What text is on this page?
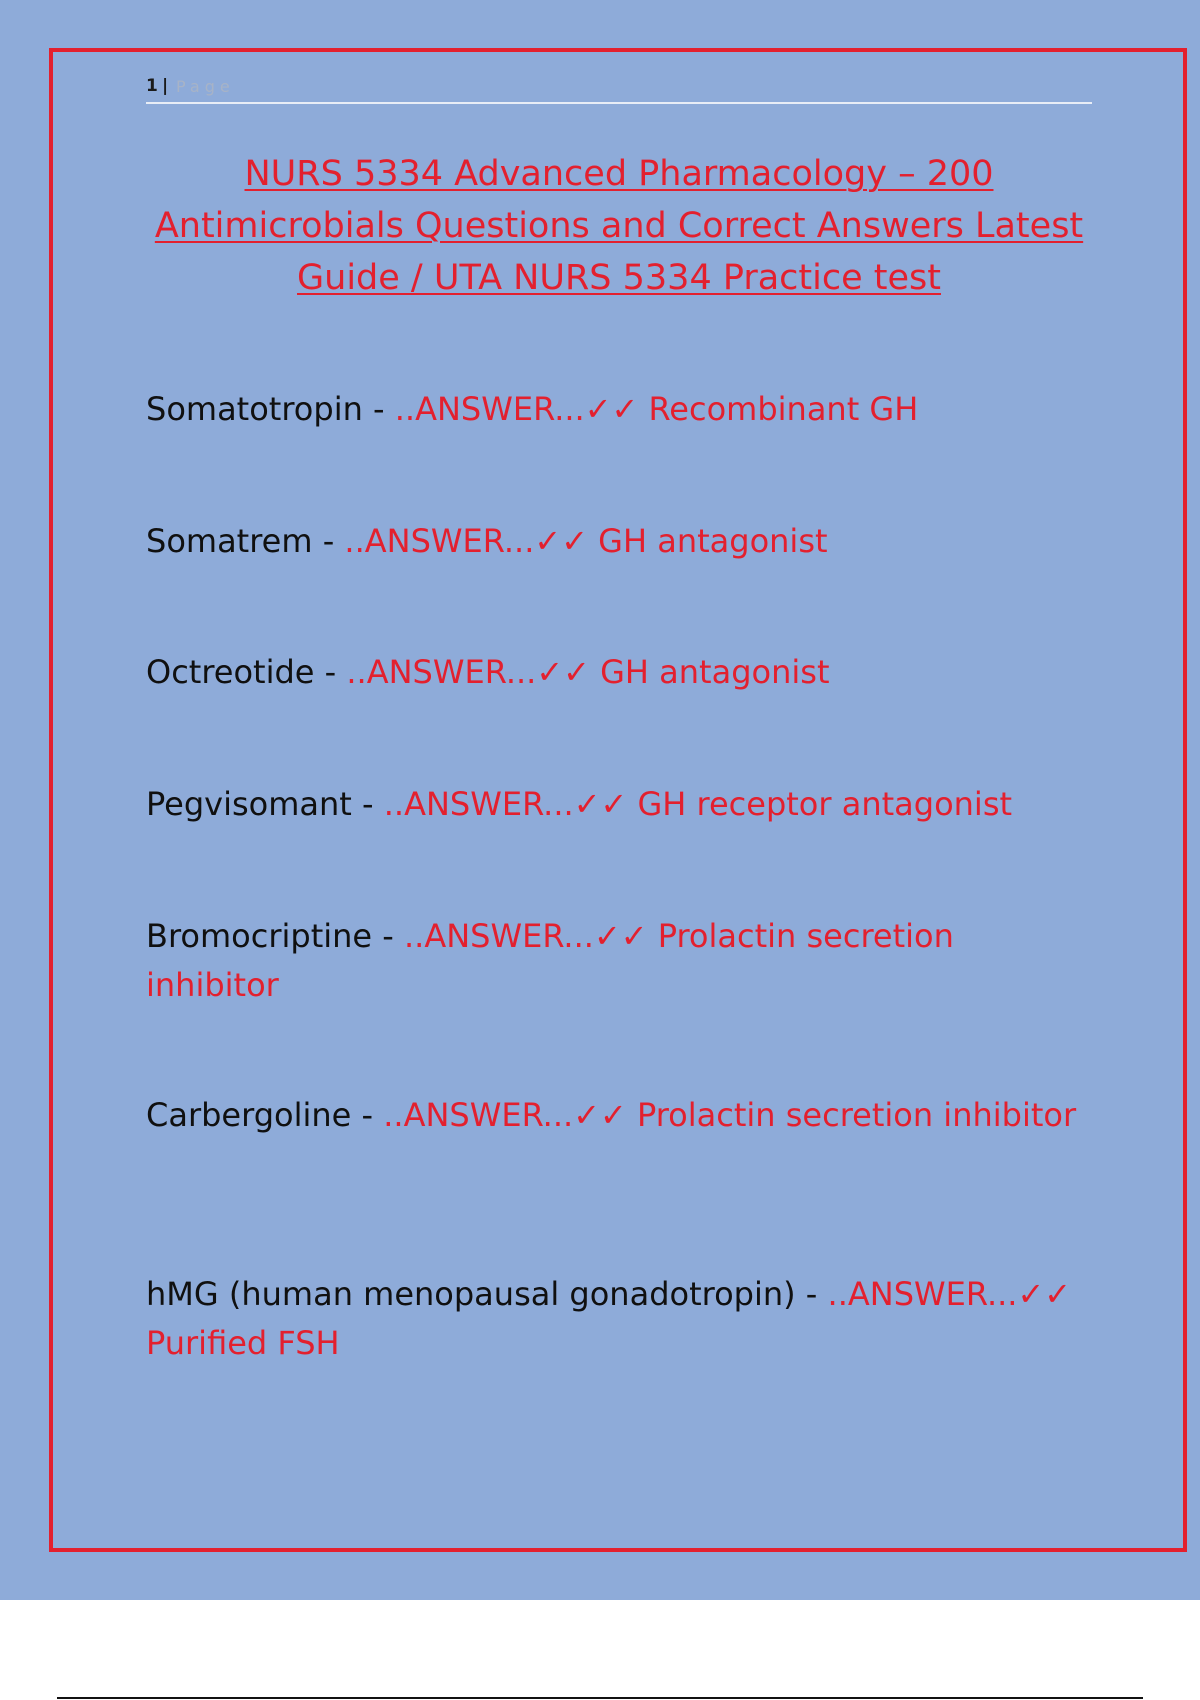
1 | Page
NURS 5334 Advanced Pharmacology – 200 Antimicrobials Questions and Correct Answers Latest Guide / UTA NURS 5334 Practice test
Somatotropin - ..ANSWER...✓✓ Recombinant GH
Somatrem - ..ANSWER...✓✓ GH antagonist
Octreotide - ..ANSWER...✓✓ GH antagonist
Pegvisomant - ..ANSWER...✓✓ GH receptor antagonist
Bromocriptine - ..ANSWER...✓✓ Prolactin secretion inhibitor
Carbergoline - ..ANSWER...✓✓ Prolactin secretion inhibitor
hMG (human menopausal gonadotropin) - ..ANSWER...✓✓ Purified FSH
